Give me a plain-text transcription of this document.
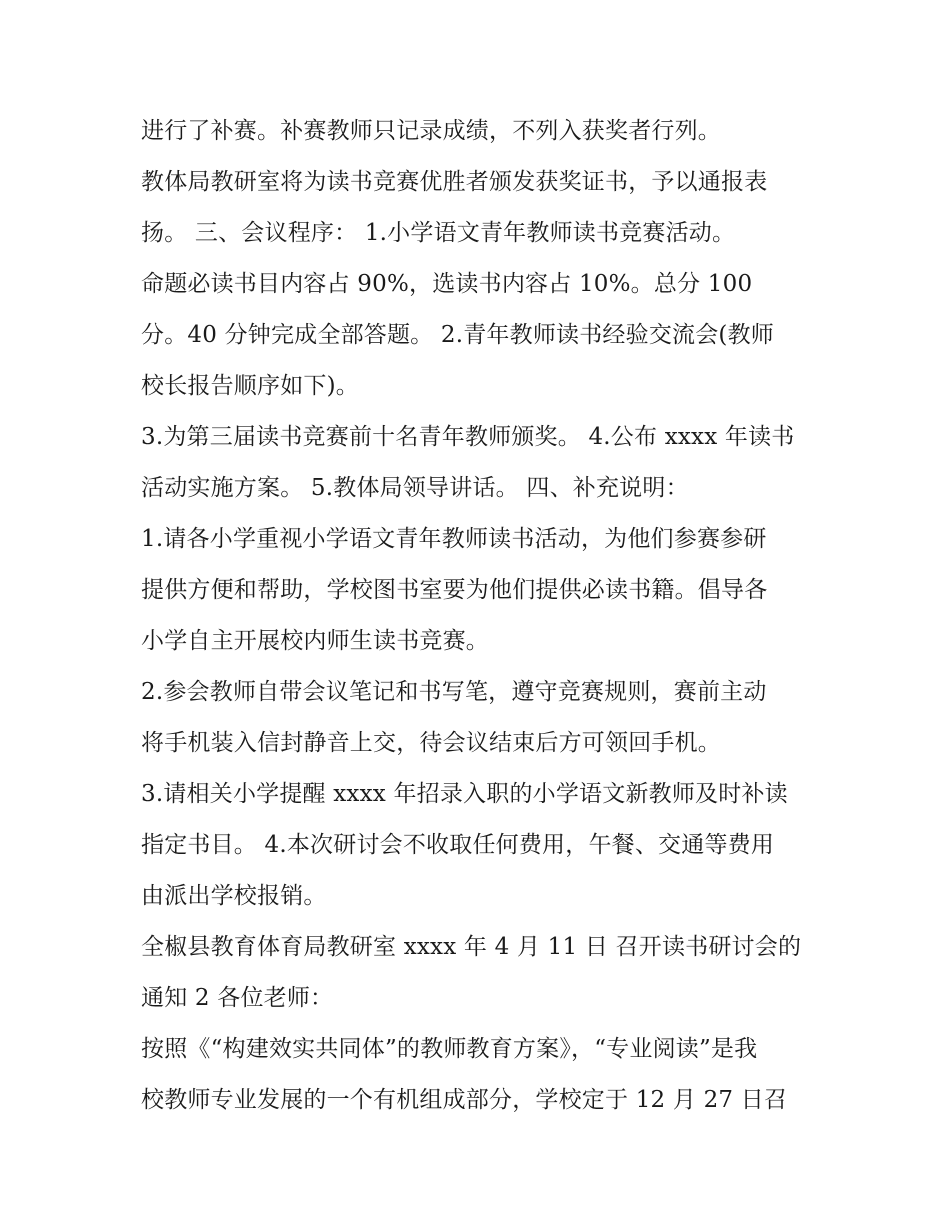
进行了补赛。补赛教师只记录成绩，不列入获奖者行列。
教体局教研室将为读书竞赛优胜者颁发获奖证书，予以通报表
扬。 三、会议程序： 1.小学语文青年教师读书竞赛活动。
命题必读书目内容占 90%，选读书内容占 10%。总分 100
分。40 分钟完成全部答题。 2.青年教师读书经验交流会(教师
校长报告顺序如下)。
3.为第三届读书竞赛前十名青年教师颁奖。 4.公布 xxxx 年读书
活动实施方案。 5.教体局领导讲话。 四、补充说明：
1.请各小学重视小学语文青年教师读书活动，为他们参赛参研
提供方便和帮助，学校图书室要为他们提供必读书籍。倡导各
小学自主开展校内师生读书竞赛。
2.参会教师自带会议笔记和书写笔，遵守竞赛规则，赛前主动
将手机装入信封静音上交，待会议结束后方可领回手机。
3.请相关小学提醒 xxxx 年招录入职的小学语文新教师及时补读
指定书目。 4.本次研讨会不收取任何费用，午餐、交通等费用
由派出学校报销。
全椒县教育体育局教研室 xxxx 年 4 月 11 日 召开读书研讨会的
通知 2 各位老师：
按照《“构建效实共同体”的教师教育方案》，“专业阅读”是我
校教师专业发展的一个有机组成部分，学校定于 12 月 27 日召
